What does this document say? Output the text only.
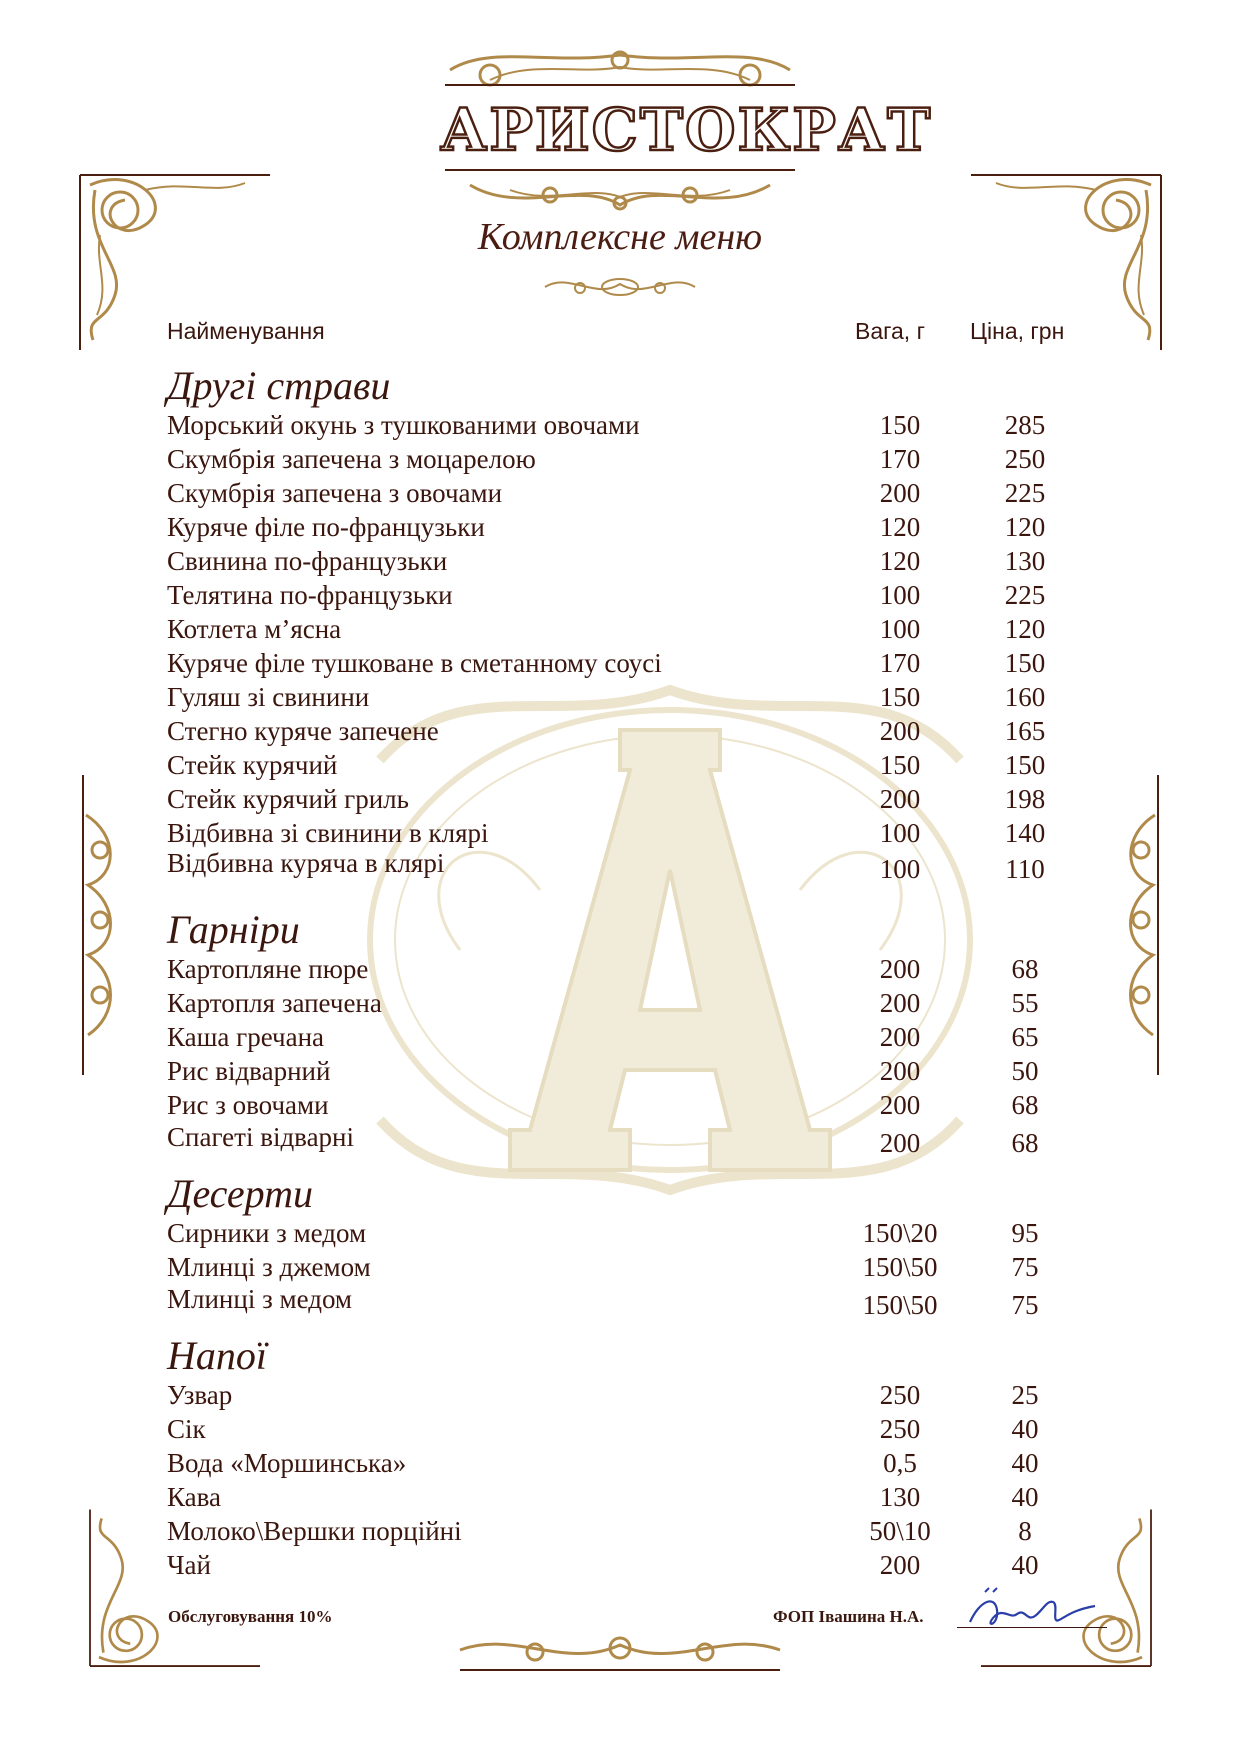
АРИСТОКРАТ
Комплексне меню
Найменування	Вага, г Ціна, грн
Другі страви
Гарніри
Десерти
Напої
Морський окунь з тушкованими овочами	150	285
Скумбрія запечена з моцарелою	170	250
Скумбрія запечена з овочами	200	225
Куряче філе по-французьки	120	120
Свинина по-французьки	120	130
Телятина по-французьки	100	225
Котлета м’ясна	100	120
Куряче філе тушковане в сметанному соусі	170	150
Гуляш зі свинини	150	160
Стегно куряче запечене	200	165
Стейк курячий	150	150
Стейк курячий гриль	200	198
Відбивна зі свинини в клярі	100	140
Відбивна куряча в клярі	100	110
Картопляне пюре	200	68
Картопля запечена	200	55
Каша гречана	200	65
Рис відварний	200	50
Рис з овочами	200	68
Спагеті відварні	200	68
Сирники з медом	150\20	95
Млинці з джемом	150\50	75
Млинці з медом	150\50	75
Узвар	250	25
Сік	250	40
Вода «Моршинська»	0,5	40
Кава	130	40
Молоко\Вершки порційні	50\10	8
Чай	200	40
Обслуговування 10%	ФОП Івашина Н.А.
